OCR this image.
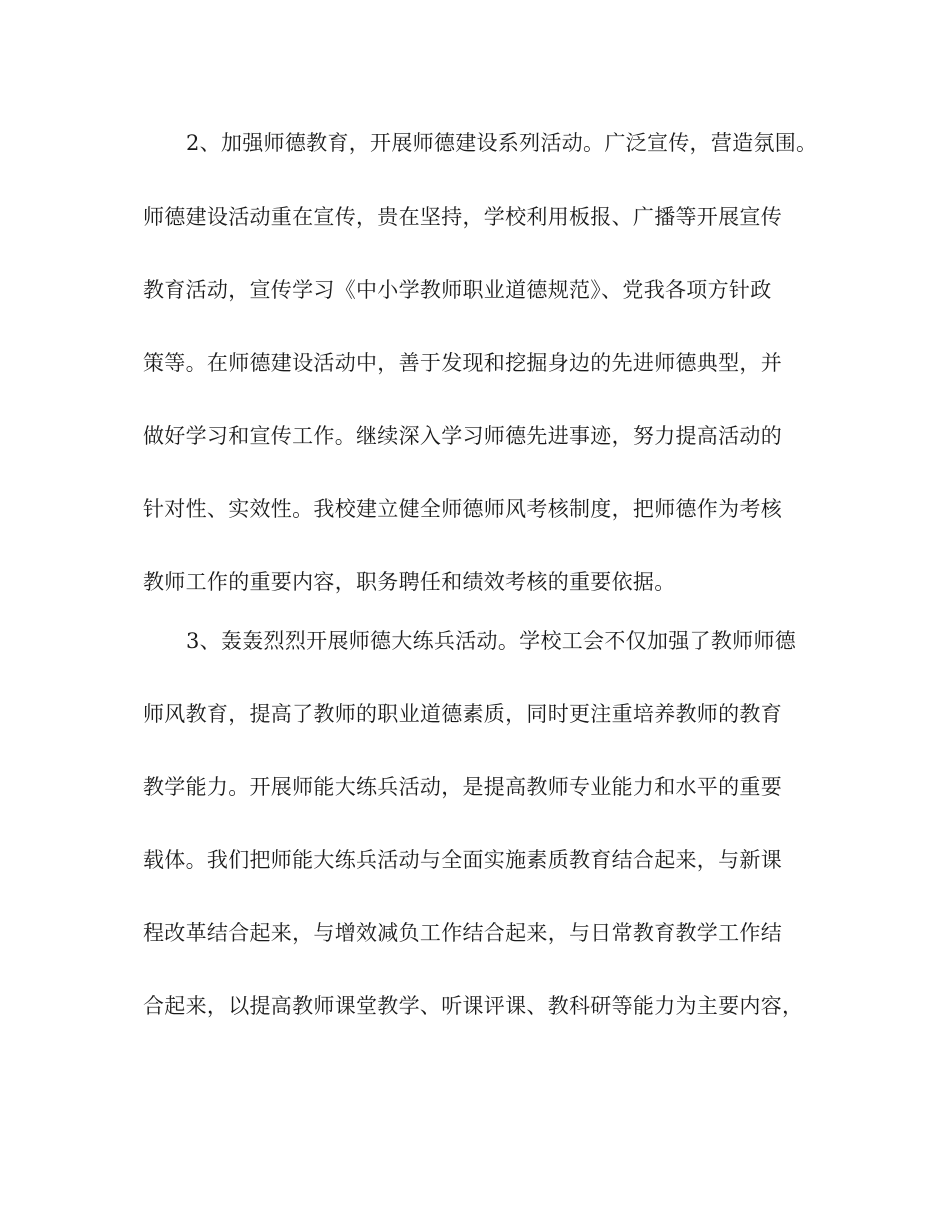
2、加强师德教育，开展师德建设系列活动。广泛宣传，营造氛围。
师德建设活动重在宣传，贵在坚持，学校利用板报、广播等开展宣传
教育活动，宣传学习《中小学教师职业道德规范》、党我各项方针政
策等。在师德建设活动中，善于发现和挖掘身边的先进师德典型，并
做好学习和宣传工作。继续深入学习师德先进事迹，努力提高活动的
针对性、实效性。我校建立健全师德师风考核制度，把师德作为考核
教师工作的重要内容，职务聘任和绩效考核的重要依据。
3、轰轰烈烈开展师德大练兵活动。学校工会不仅加强了教师师德
师风教育，提高了教师的职业道德素质，同时更注重培养教师的教育
教学能力。开展师能大练兵活动，是提高教师专业能力和水平的重要
载体。我们把师能大练兵活动与全面实施素质教育结合起来，与新课
程改革结合起来，与增效减负工作结合起来，与日常教育教学工作结
合起来，以提高教师课堂教学、听课评课、教科研等能力为主要内容，
